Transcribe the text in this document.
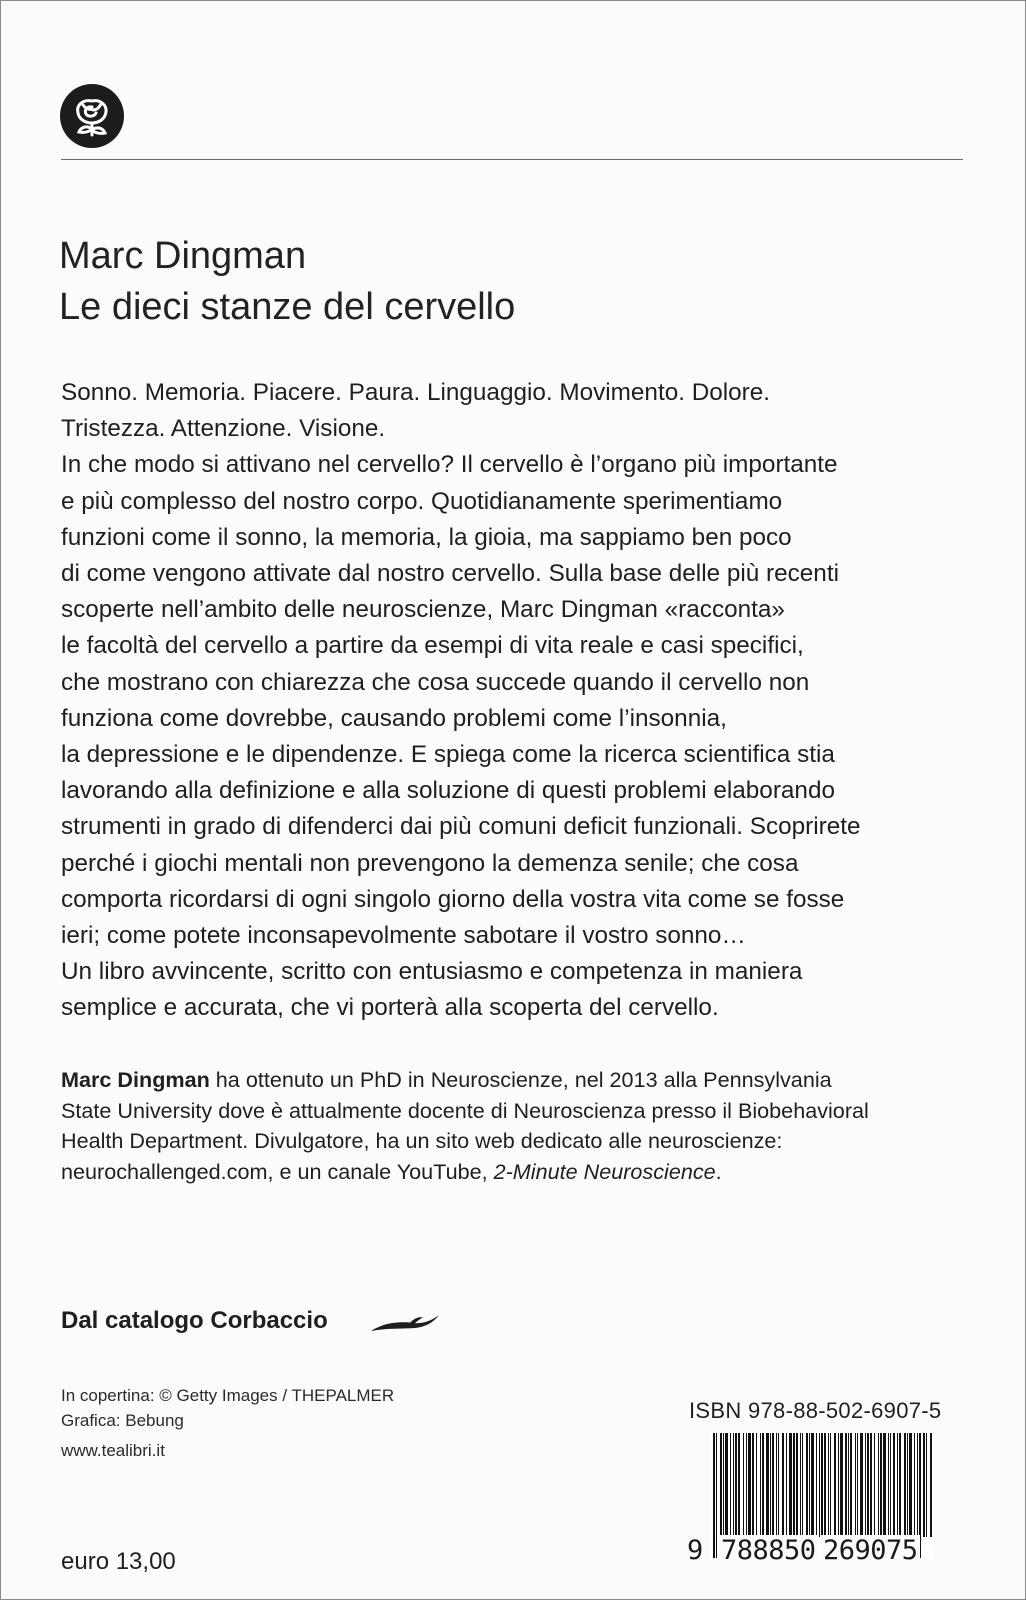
Marc Dingman
Le dieci stanze del cervello
Sonno. Memoria. Piacere. Paura. Linguaggio. Movimento. Dolore.
Tristezza. Attenzione. Visione.
In che modo si attivano nel cervello? Il cervello è l’organo più importante
e più complesso del nostro corpo. Quotidianamente sperimentiamo
funzioni come il sonno, la memoria, la gioia, ma sappiamo ben poco
di come vengono attivate dal nostro cervello. Sulla base delle più recenti
scoperte nell’ambito delle neuroscienze, Marc Dingman «racconta»
le facoltà del cervello a partire da esempi di vita reale e casi specifici,
che mostrano con chiarezza che cosa succede quando il cervello non
funziona come dovrebbe, causando problemi come l’insonnia,
la depressione e le dipendenze. E spiega come la ricerca scientifica stia
lavorando alla definizione e alla soluzione di questi problemi elaborando
strumenti in grado di difenderci dai più comuni deficit funzionali. Scoprirete
perché i giochi mentali non prevengono la demenza senile; che cosa
comporta ricordarsi di ogni singolo giorno della vostra vita come se fosse
ieri; come potete inconsapevolmente sabotare il vostro sonno…
Un libro avvincente, scritto con entusiasmo e competenza in maniera
semplice e accurata, che vi porterà alla scoperta del cervello.
Marc Dingman ha ottenuto un PhD in Neuroscienze, nel 2013 alla Pennsylvania
State University dove è attualmente docente di Neuroscienza presso il Biobehavioral
Health Department. Divulgatore, ha un sito web dedicato alle neuroscienze:
neurochallenged.com, e un canale YouTube, 2-Minute Neuroscience.
Dal catalogo Corbaccio
In copertina: © Getty Images / THEPALMER
Grafica: Bebung
www.tealibri.it
euro 13,00
ISBN 978-88-502-6907-5
9 788850 269075
